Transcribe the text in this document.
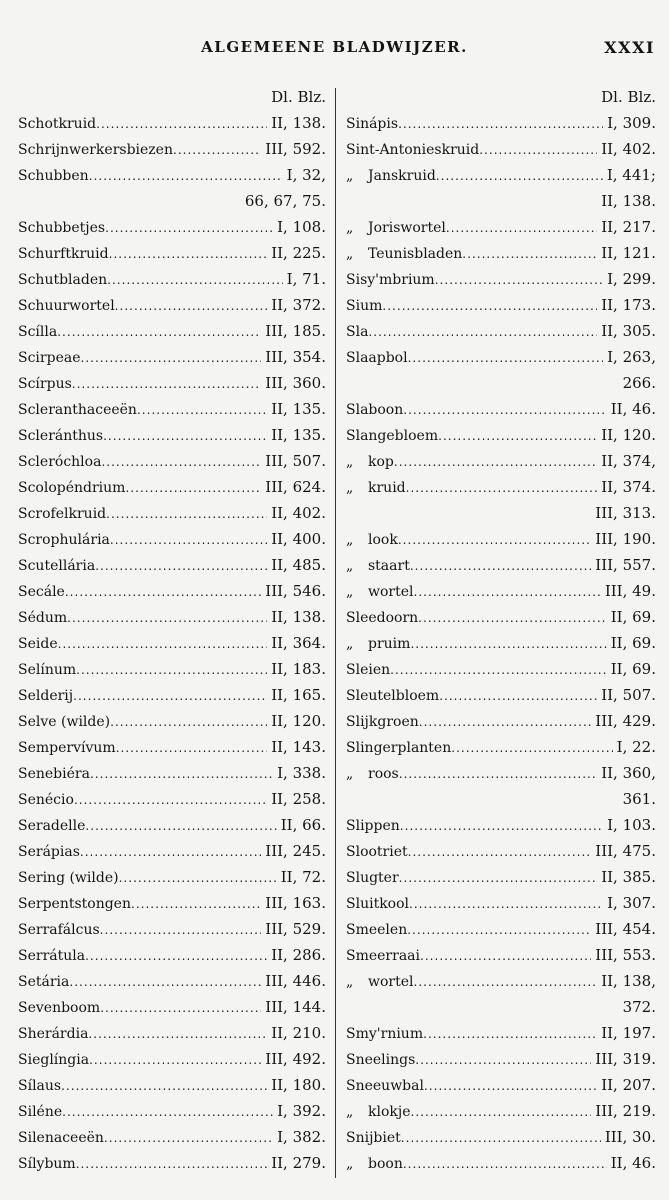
ALGEMEENE BLADWIJZER.	XXXI
Dl. Blz.
Schotkruid . . .	II, 138.
Schrijnwerkersbiezen . . .	III, 592.
Schubben . . .	I, 32,
66, 67, 75.
Schubbetjes . . .	I, 108.
Schurftkruid . . .	II, 225.
Schutbladen . . .	I, 71.
Schuurwortel . . .	II, 372.
Scílla . . .	III, 185.
Scirpeae . . .	III, 354.
Scírpus . . .	III, 360.
Scleranthaceeën . . .	II, 135.
Scleránthus . . .	II, 135.
Scleróchloa . . .	III, 507.
Scolopéndrium . . .	III, 624.
Scrofelkruid . . .	II, 402.
Scrophulária . . .	II, 400.
Scutellária . . .	II, 485.
Secále . . .	III, 546.
Sédum . . .	II, 138.
Seide . . .	II, 364.
Selínum . . .	II, 183.
Selderij . . .	II, 165.
Selve (wilde) . . .	II, 120.
Sempervívum . . .	II, 143.
Senebiéra . . .	I, 338.
Senécio . . .	II, 258.
Seradelle . . .	II, 66.
Serápias . . .	III, 245.
Sering (wilde) . . .	II, 72.
Serpentstongen . . .	III, 163.
Serrafálcus . . .	III, 529.
Serrátula . . .	II, 286.
Setária . . .	III, 446.
Sevenboom . . .	III, 144.
Sherárdia . . .	II, 210.
Sieglíngia . . .	III, 492.
Sílaus . . .	II, 180.
Siléne . . .	I, 392.
Silenaceeën . . .	I, 382.
Sílybum . . .	II, 279.
Dl. Blz.
Sinápis . . .	I, 309.
Sint-Antonieskruid . . .	II, 402.
„ Janskruid . . .	I, 441;
II, 138.
„ Joriswortel . . .	II, 217.
„ Teunisbladen . . .	II, 121.
Sisy'mbrium . . .	I, 299.
Sium . . .	II, 173.
Sla . . .	II, 305.
Slaapbol . . .	I, 263,
266.
Slaboon . . .	II, 46.
Slangebloem . . .	II, 120.
„ kop . . .	II, 374,
„ kruid . . .	II, 374.
III, 313.
„ look . . .	III, 190.
„ staart . . .	III, 557.
„ wortel . . .	III, 49.
Sleedoorn . . .	II, 69.
„ pruim . . .	II, 69.
Sleien . . .	II, 69.
Sleutelbloem . . .	II, 507.
Slijkgroen . . .	III, 429.
Slingerplanten . . .	I, 22.
„ roos . . .	II, 360,
361.
Slippen . . .	I, 103.
Slootriet . . .	III, 475.
Slugter . . .	II, 385.
Sluitkool . . .	I, 307.
Smeelen . . .	III, 454.
Smeerraai . . .	III, 553.
„ wortel . . .	II, 138,
372.
Smy'rnium . . .	II, 197.
Sneelings . . .	III, 319.
Sneeuwbal . . .	II, 207.
„ klokje . . .	III, 219.
Snijbiet . . .	III, 30.
„ boon . . .	II, 46.
